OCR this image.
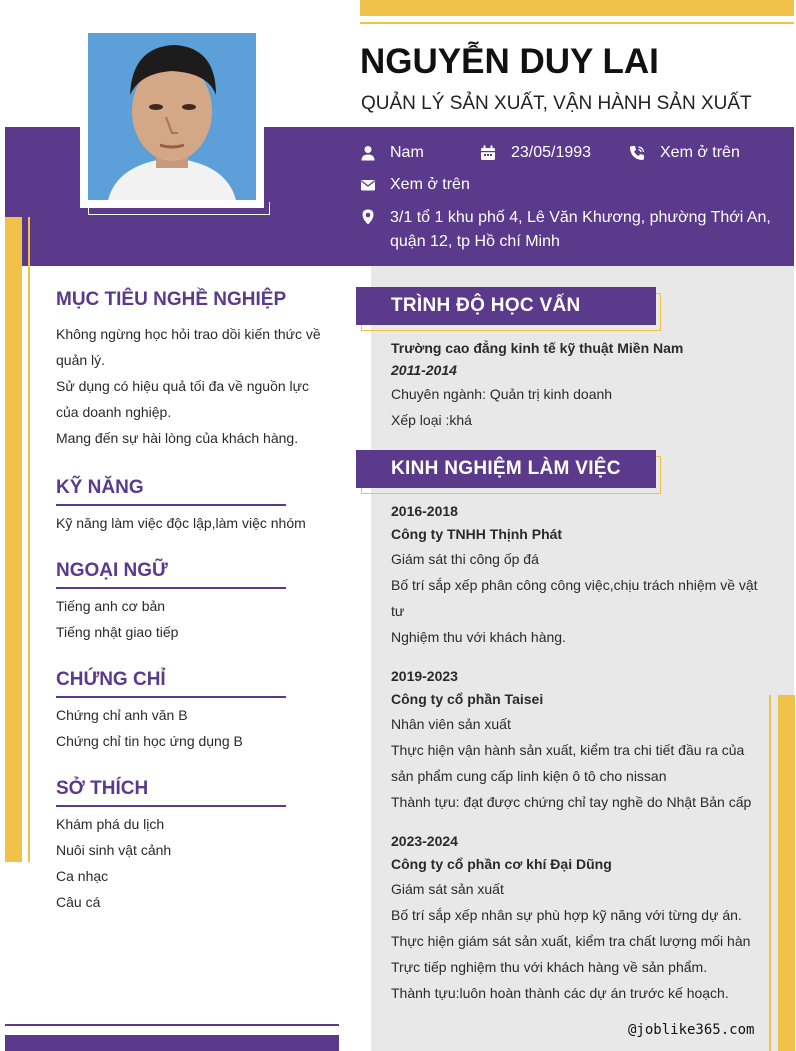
NGUYỄN DUY LAI
QUẢN LÝ SẢN XUẤT, VẬN HÀNH SẢN XUẤT
Nam	23/05/1993	Xem ở trên
Xem ở trên
3/1 tổ 1 khu phố 4, Lê Văn Khương, phường Thới An,
quận 12, tp Hồ chí Minh
MỤC TIÊU NGHỀ NGHIỆP
Không ngừng học hỏi trao dồi kiến thức về
quản lý.
Sử dụng có hiệu quả tối đa về nguồn lực
của doanh nghiệp.
Mang đến sự hài lòng của khách hàng.
KỸ NĂNG
Kỹ năng làm việc độc lập,làm việc nhóm
NGOẠI NGỮ
Tiếng anh cơ bản
Tiếng nhật giao tiếp
CHỨNG CHỈ
Chứng chỉ anh văn B
Chứng chỉ tin học ứng dụng B
SỞ THÍCH
Khám phá du lịch
Nuôi sinh vật cảnh
Ca nhạc
Câu cá
TRÌNH ĐỘ HỌC VẤN
Trường cao đẳng kinh tế kỹ thuật Miền Nam
2011-2014
Chuyên ngành: Quản trị kinh doanh
Xếp loại :khá
KINH NGHIỆM LÀM VIỆC
2016-2018
Công ty TNHH Thịnh Phát
Giám sát thi công ốp đá
Bố trí sắp xếp phân công công việc,chịu trách nhiệm về vật
tư
Nghiệm thu với khách hàng.
2019-2023
Công ty cổ phần Taisei
Nhân viên sản xuất
Thực hiện vận hành sản xuất, kiểm tra chi tiết đầu ra của
sản phẩm cung cấp linh kiện ô tô cho nissan
Thành tựu: đạt được chứng chỉ tay nghề do Nhật Bản cấp
2023-2024
Công ty cổ phần cơ khí Đại Dũng
Giám sát sản xuất
Bố trí sắp xếp nhân sự phù hợp kỹ năng với từng dự án.
Thực hiện giám sát sản xuất, kiểm tra chất lượng mối hàn
Trực tiếp nghiệm thu với khách hàng về sản phẩm.
Thành tựu:luôn hoàn thành các dự án trước kế hoạch.
@joblike365.com
